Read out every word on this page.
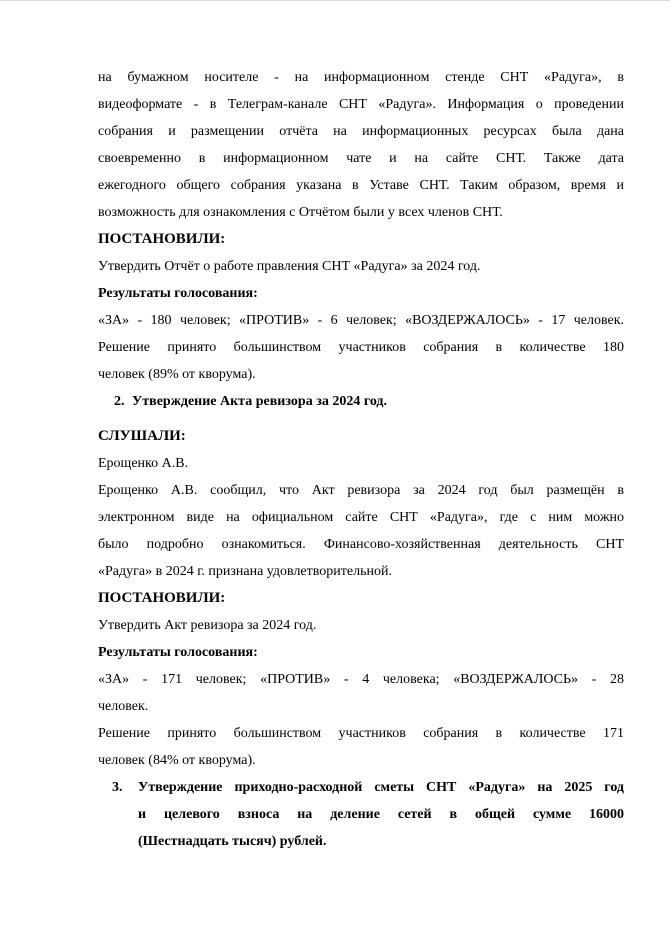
на бумажном носителе - на информационном стенде СНТ «Радуга», в

видеоформате - в Телеграм-канале СНТ «Радуга». Информация о проведении

собрания и размещении отчёта на информационных ресурсах была дана

своевременно в информационном чате и на сайте СНТ. Также дата

ежегодного общего собрания указана в Уставе СНТ. Таким образом, время и

возможность для ознакомления с Отчётом были у всех членов СНТ.

ПОСТАНОВИЛИ:

Утвердить Отчёт о работе правления СНТ «Радуга» за 2024 год.

Результаты голосования:

«ЗА» - 180 человек; «ПРОТИВ» - 6 человек; «ВОЗДЕРЖАЛОСЬ» - 17 человек.

Решение принято большинством участников собрания в количестве 180

человек (89% от кворума).

2. Утверждение Акта ревизора за 2024 год.

СЛУШАЛИ:

Ерощенко А.В.

Ерощенко А.В. сообщил, что Акт ревизора за 2024 год был размещён в

электронном виде на официальном сайте СНТ «Радуга», где с ним можно

было подробно ознакомиться. Финансово-хозяйственная деятельность СНТ

«Радуга» в 2024 г. признана удовлетворительной.

ПОСТАНОВИЛИ:

Утвердить Акт ревизора за 2024 год.

Результаты голосования:

«ЗА» - 171 человек; «ПРОТИВ» - 4 человека; «ВОЗДЕРЖАЛОСЬ» - 28

человек.

Решение принято большинством участников собрания в количестве 171

человек (84% от кворума).

3. Утверждение приходно-расходной сметы СНТ «Радуга» на 2025 год

и целевого взноса на деление сетей в общей сумме 16000

(Шестнадцать тысяч) рублей.
